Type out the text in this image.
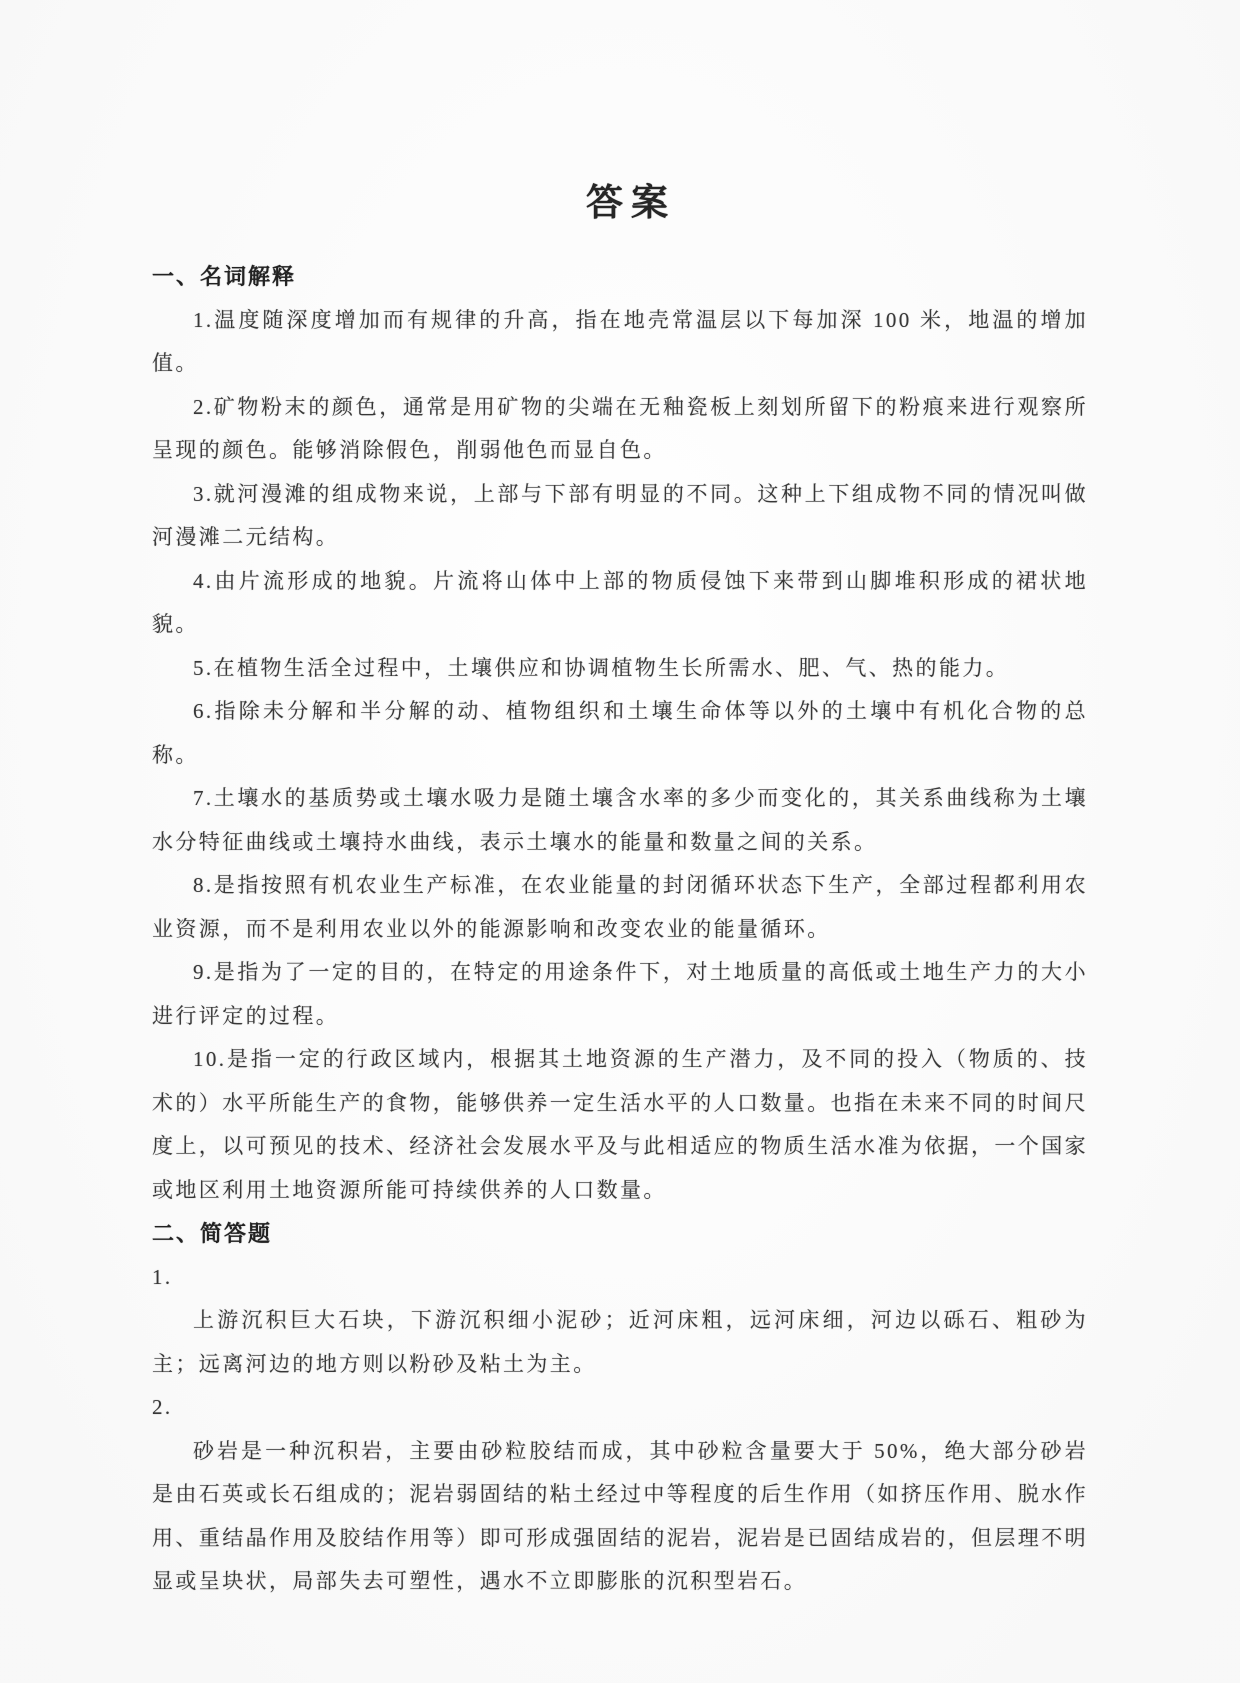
答案
一、名词解释

1.温度随深度增加而有规律的升高，指在地壳常温层以下每加深 100 米，地温的增加值。

2.矿物粉末的颜色，通常是用矿物的尖端在无釉瓷板上刻划所留下的粉痕来进行观察所呈现的颜色。能够消除假色，削弱他色而显自色。

3.就河漫滩的组成物来说，上部与下部有明显的不同。这种上下组成物不同的情况叫做河漫滩二元结构。

4.由片流形成的地貌。片流将山体中上部的物质侵蚀下来带到山脚堆积形成的裙状地貌。

5.在植物生活全过程中，土壤供应和协调植物生长所需水、肥、气、热的能力。

6.指除未分解和半分解的动、植物组织和土壤生命体等以外的土壤中有机化合物的总称。

7.土壤水的基质势或土壤水吸力是随土壤含水率的多少而变化的，其关系曲线称为土壤水分特征曲线或土壤持水曲线，表示土壤水的能量和数量之间的关系。

8.是指按照有机农业生产标准，在农业能量的封闭循环状态下生产，全部过程都利用农业资源，而不是利用农业以外的能源影响和改变农业的能量循环。

9.是指为了一定的目的，在特定的用途条件下，对土地质量的高低或土地生产力的大小进行评定的过程。

10.是指一定的行政区域内，根据其土地资源的生产潜力，及不同的投入（物质的、技术的）水平所能生产的食物，能够供养一定生活水平的人口数量。也指在未来不同的时间尺度上，以可预见的技术、经济社会发展水平及与此相适应的物质生活水准为依据，一个国家或地区利用土地资源所能可持续供养的人口数量。

二、简答题

1.

上游沉积巨大石块，下游沉积细小泥砂；近河床粗，远河床细，河边以砾石、粗砂为主；远离河边的地方则以粉砂及粘土为主。

2.

砂岩是一种沉积岩，主要由砂粒胶结而成，其中砂粒含量要大于 50%，绝大部分砂岩是由石英或长石组成的；泥岩弱固结的粘土经过中等程度的后生作用（如挤压作用、脱水作用、重结晶作用及胶结作用等）即可形成强固结的泥岩，泥岩是已固结成岩的，但层理不明显或呈块状，局部失去可塑性，遇水不立即膨胀的沉积型岩石。
